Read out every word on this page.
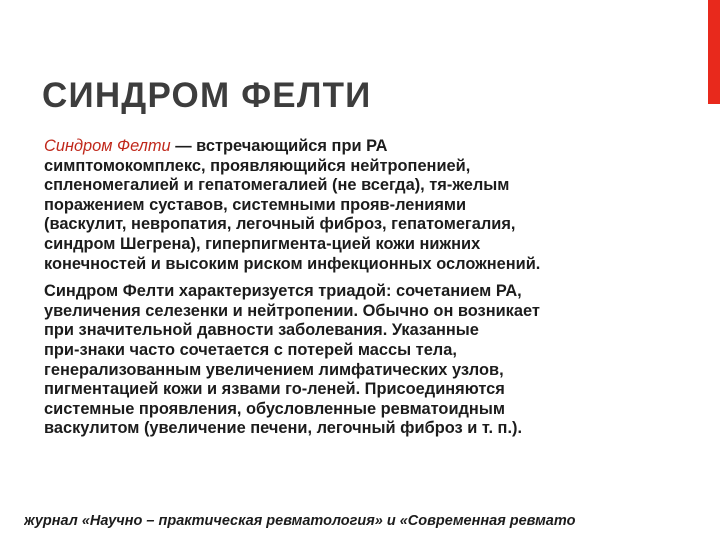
СИНДРОМ ФЕЛТИ

Синдром Фелти — встречающийся при РА
симптомокомплекс, проявляющийся нейтропенией,
спленомегалией и гепатомегалией (не всегда), тя-желым
поражением суставов, системными прояв-лениями
(васкулит, невропатия, легочный фиброз, гепатомегалия,
синдром Шегрена), гиперпигмента-цией кожи нижних
конечностей и высоким риском инфекционных осложнений.

Синдром Фелти характеризуется триадой: сочетанием РА,
увеличения селезенки и нейтропении. Обычно он возникает
при значительной давности заболевания. Указанные
при-знаки часто сочетается с потерей массы тела,
генерализованным увеличением лимфатических узлов,
пигментацией кожи и язвами го-леней. Присоединяются
системные проявления, обусловленные ревматоидным
васкулитом (увеличение печени, легочный фиброз и т. п.).

журнал «Научно – практическая ревматология» и «Современная ревмато
